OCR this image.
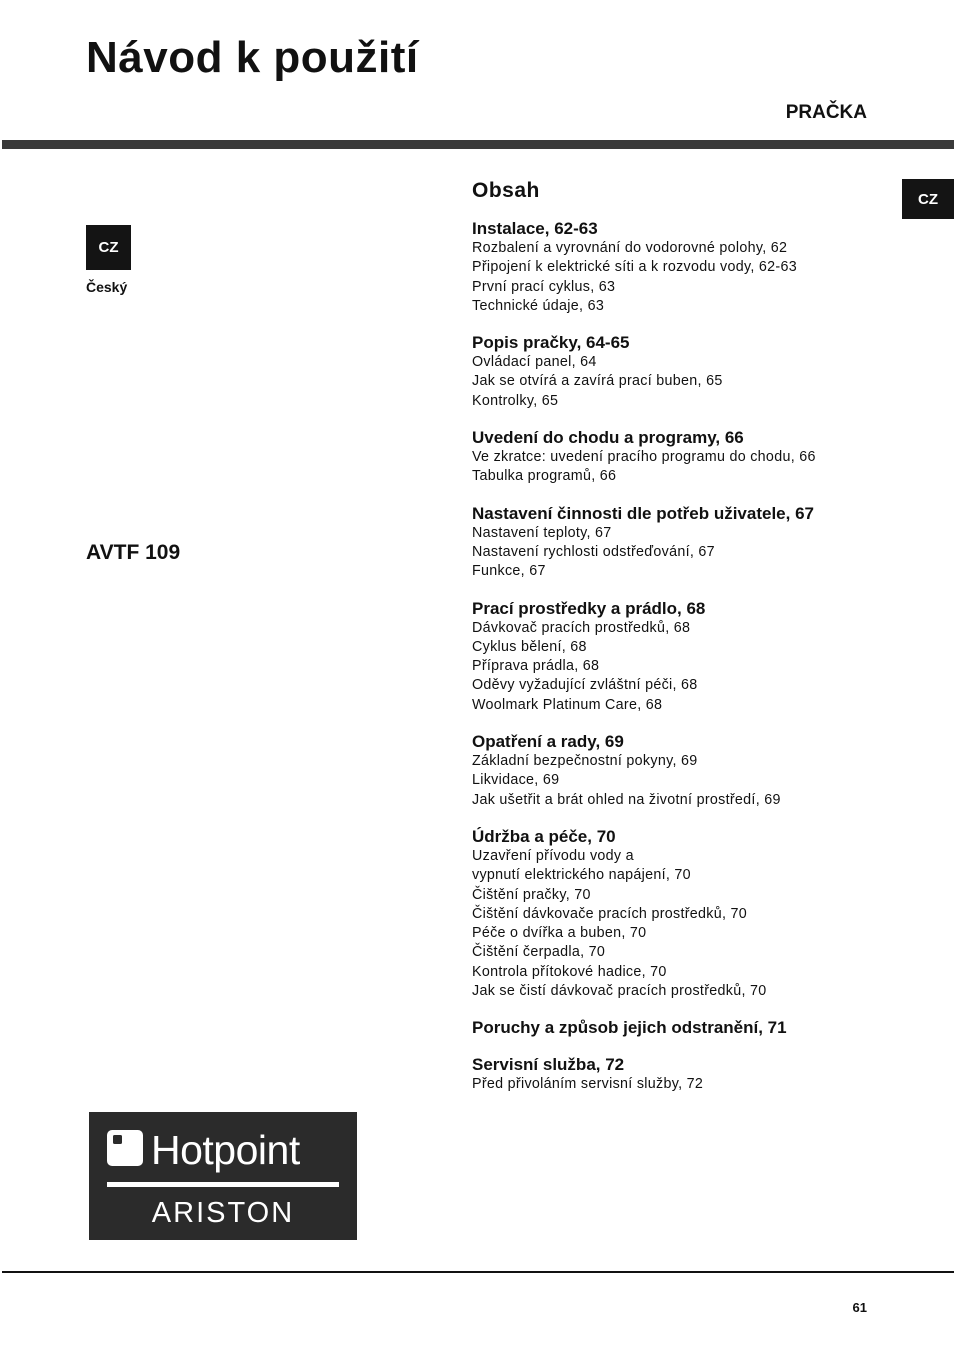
Návod k použití
PRAČKA
CZ
Český
CZ
AVTF 109
Obsah
Instalace, 62-63
Rozbalení a vyrovnání do vodorovné polohy, 62
Připojení k elektrické síti a k rozvodu vody, 62-63
První prací cyklus, 63
Technické údaje, 63
Popis pračky, 64-65
Ovládací panel, 64
Jak se otvírá a zavírá prací buben, 65
Kontrolky, 65
Uvedení do chodu a programy, 66
Ve zkratce: uvedení pracího programu do chodu, 66
Tabulka programů, 66
Nastavení činnosti dle potřeb uživatele, 67
Nastavení teploty, 67
Nastavení rychlosti odstřeďování, 67
Funkce, 67
Prací prostředky a prádlo, 68
Dávkovač pracích prostředků, 68
Cyklus bělení, 68
Příprava prádla, 68
Oděvy vyžadující zvláštní péči, 68
Woolmark Platinum Care, 68
Opatření a rady, 69
Základní bezpečnostní pokyny, 69
Likvidace, 69
Jak ušetřit a brát ohled na životní prostředí, 69
Údržba a péče, 70
Uzavření přívodu vody a
vypnutí elektrického napájení, 70
Čištění pračky, 70
Čištění dávkovače pracích prostředků, 70
Péče o dvířka a buben, 70
Čištění čerpadla, 70
Kontrola přítokové hadice, 70
Jak se čistí dávkovač pracích prostředků, 70
Poruchy a způsob jejich odstranění, 71
Servisní služba, 72
Před přivoláním servisní služby, 72
Hotpoint
ARISTON
61
